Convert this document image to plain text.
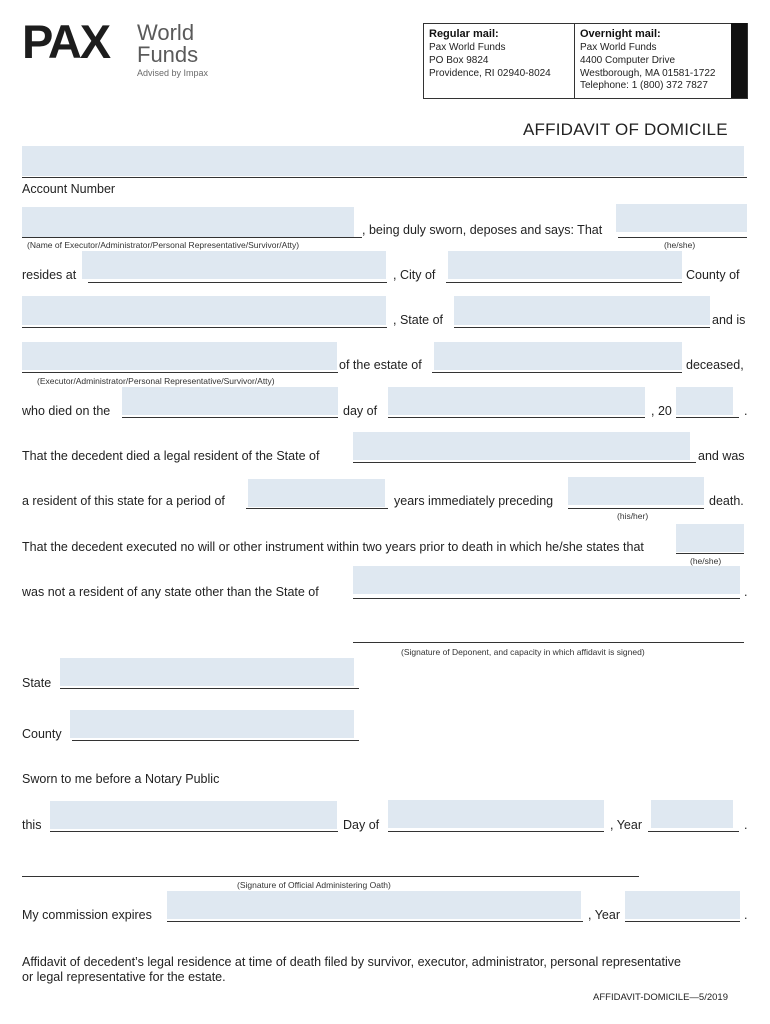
PAX World
Funds
Advised by Impax
Regular mail:
Pax World Funds
PO Box 9824
Providence, RI 02940-8024
Overnight mail:
Pax World Funds
4400 Computer Drive
Westborough, MA 01581-1722
Telephone: 1 (800) 372 7827
AFFIDAVIT OF DOMICILE
Account Number
, being duly sworn, deposes and says: That
(Name of Executor/Administrator/Personal Representative/Survivor/Atty)	(he/she)
resides at	, City of	County of
, State of	and is
of the estate of	deceased,
(Executor/Administrator/Personal Representative/Survivor/Atty)
who died on the	day of	, 20	.
That the decedent died a legal resident of the State of	and was
a resident of this state for a period of	years immediately preceding	death.
(his/her)
That the decedent executed no will or other instrument within two years prior to death in which he/she states that
(he/she)
was not a resident of any state other than the State of	.
(Signature of Deponent, and capacity in which affidavit is signed)
State
County
Sworn to me before a Notary Public
this	Day of	, Year	.
(Signature of Official Administering Oath)
My commission expires	, Year	.
Affidavit of decedent’s legal residence at time of death filed by survivor, executor, administrator, personal representative
or legal representative for the estate.
AFFIDAVIT-DOMICILE—5/2019
